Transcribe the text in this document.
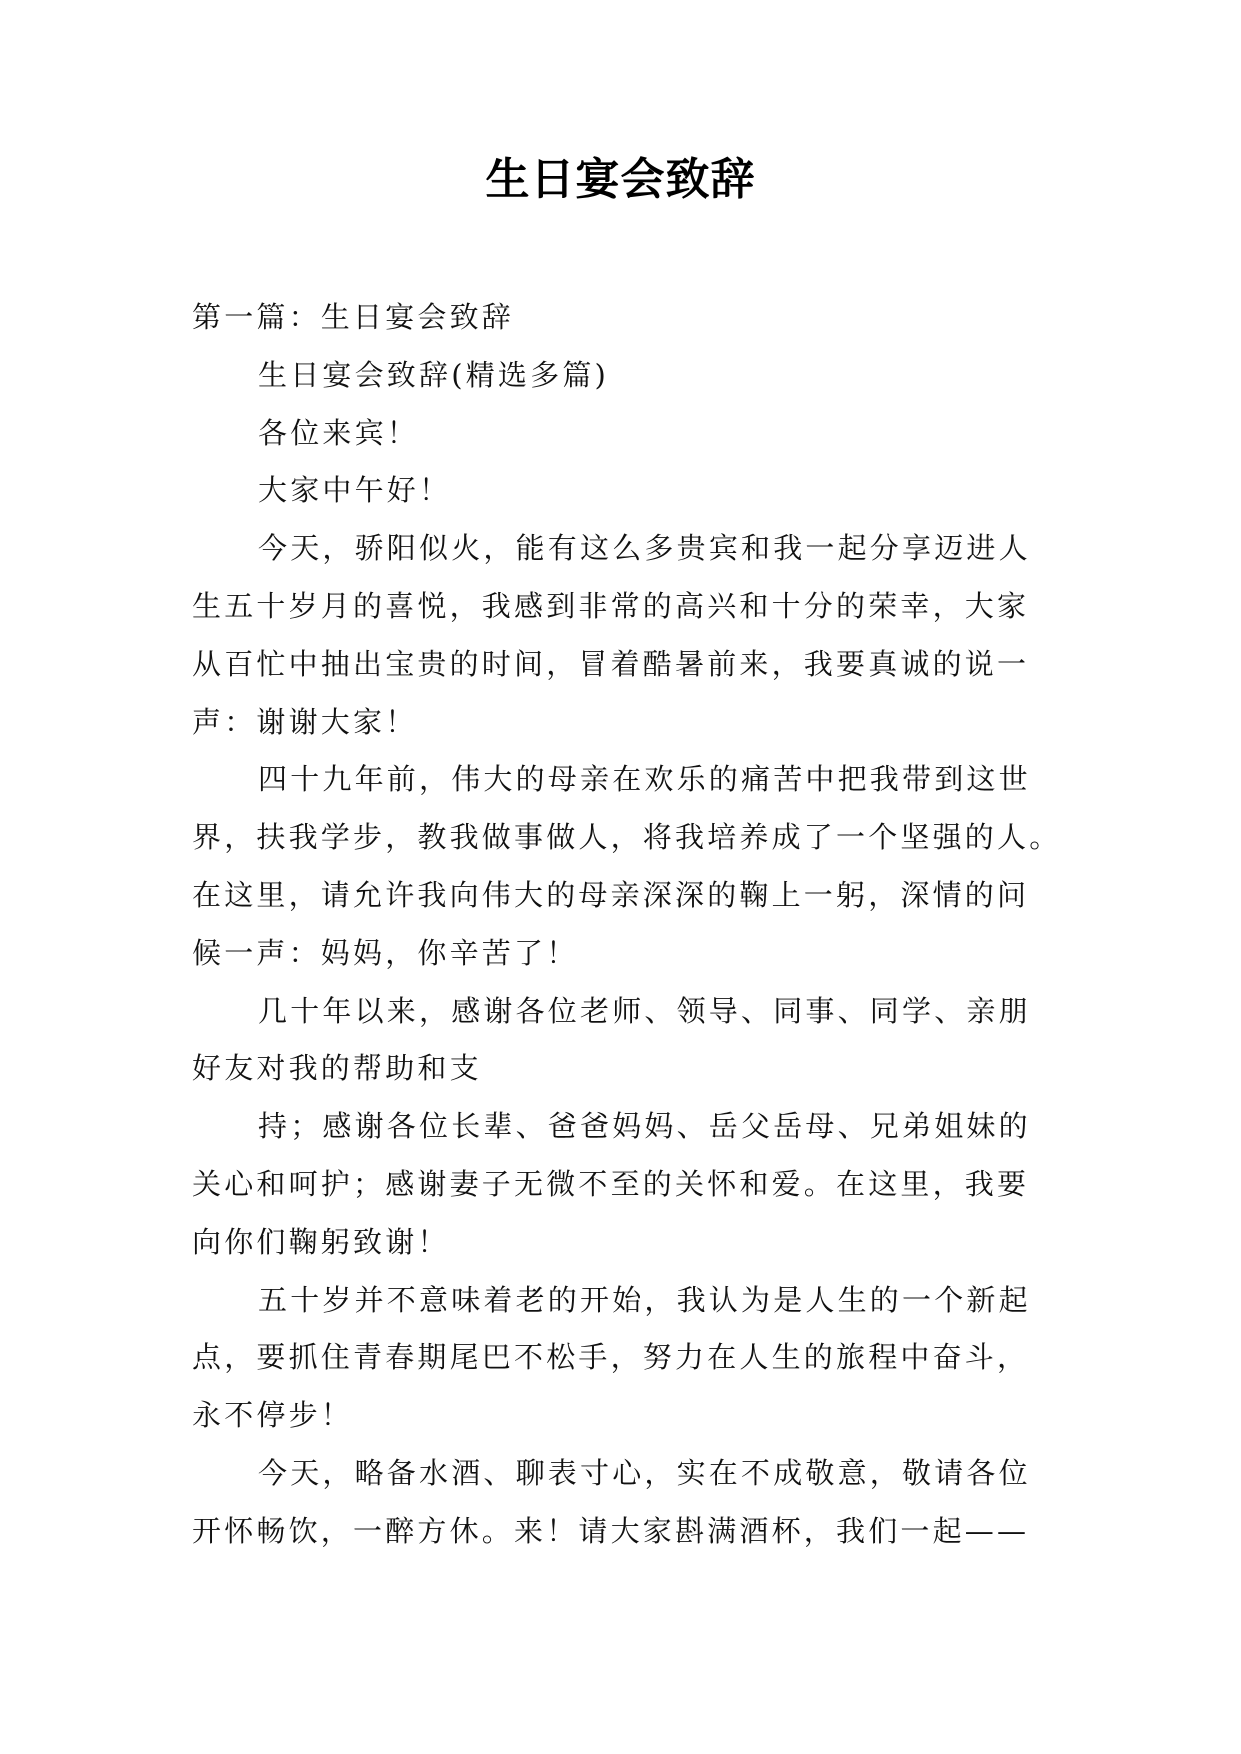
生日宴会致辞
第一篇：生日宴会致辞
生日宴会致辞(精选多篇)
各位来宾！
大家中午好！
今天，骄阳似火，能有这么多贵宾和我一起分享迈进人
生五十岁月的喜悦，我感到非常的高兴和十分的荣幸，大家
从百忙中抽出宝贵的时间，冒着酷暑前来，我要真诚的说一
声：谢谢大家！
四十九年前，伟大的母亲在欢乐的痛苦中把我带到这世
界，扶我学步，教我做事做人，将我培养成了一个坚强的人。
在这里，请允许我向伟大的母亲深深的鞠上一躬，深情的问
候一声：妈妈，你辛苦了！
几十年以来，感谢各位老师、领导、同事、同学、亲朋
好友对我的帮助和支
持；感谢各位长辈、爸爸妈妈、岳父岳母、兄弟姐妹的
关心和呵护；感谢妻子无微不至的关怀和爱。在这里，我要
向你们鞠躬致谢！
五十岁并不意味着老的开始，我认为是人生的一个新起
点，要抓住青春期尾巴不松手，努力在人生的旅程中奋斗，
永不停步！
今天，略备水酒、聊表寸心，实在不成敬意，敬请各位
开怀畅饮，一醉方休。来！请大家斟满酒杯，我们一起——
